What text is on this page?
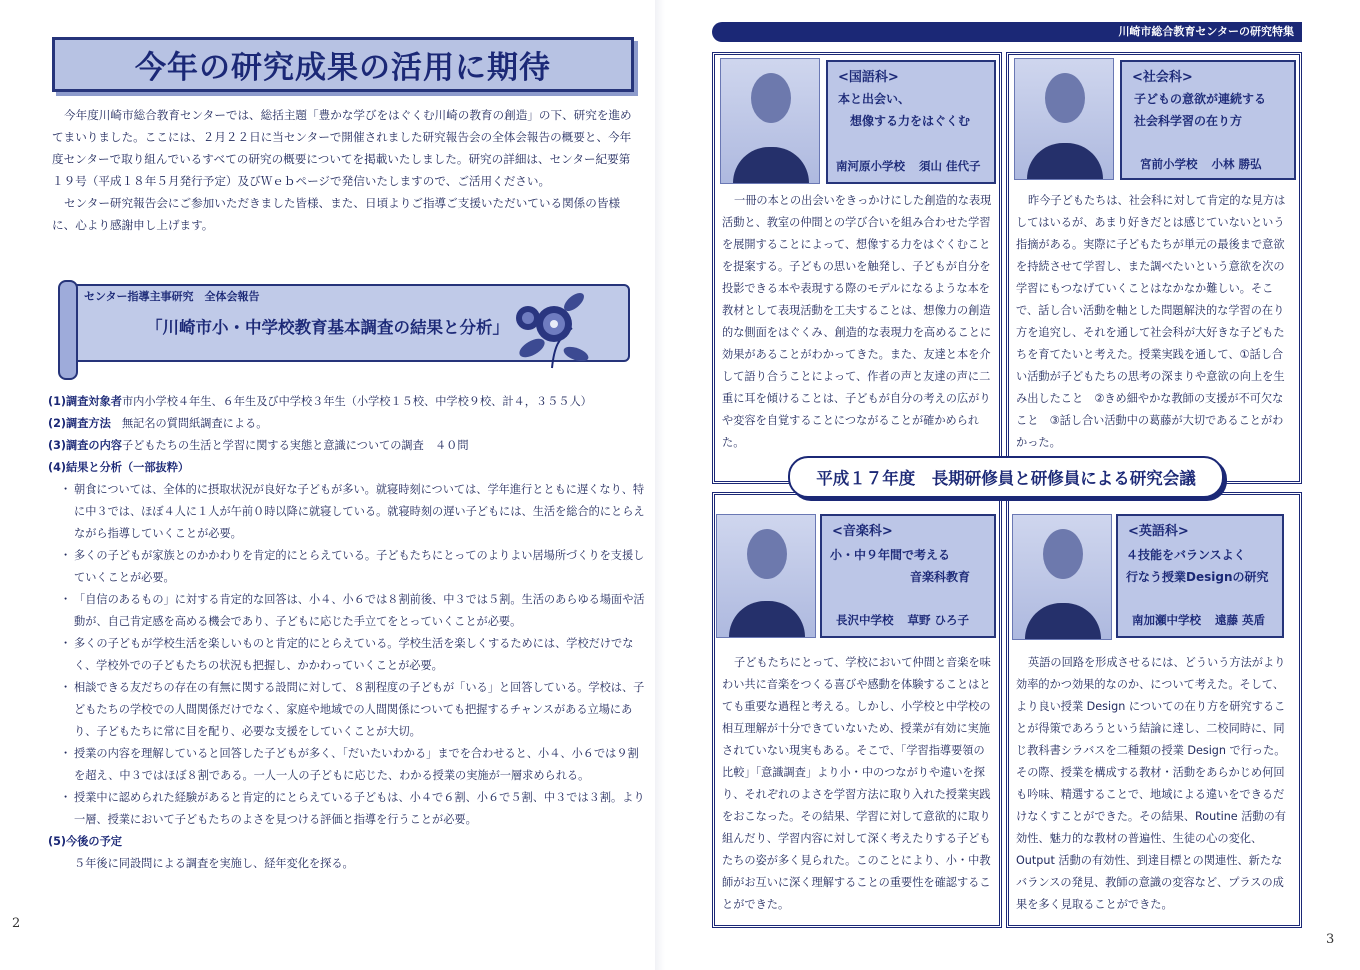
今年の研究成果の活用に期待

今年度川崎市総合教育センターでは、総括主題「豊かな学びをはぐくむ川崎の教育の創造」の下、研究を進めてまいりました。ここには、２月２２日に当センターで開催されました研究報告会の全体会報告の概要と、今年度センターで取り組んでいるすべての研究の概要についてを掲載いたしました。研究の詳細は、センター紀要第１９号（平成１８年５月発行予定）及びＷｅｂページで発信いたしますので、ご活用ください。

センター研究報告会にご参加いただきました皆様、また、日頃よりご指導ご支援いただいている関係の皆様に、心より感謝申し上げます。

センター指導主事研究　全体会報告
「川崎市小・中学校教育基本調査の結果と分析」

(1)調査対象者市内小学校４年生、６年生及び中学校３年生（小学校１５校、中学校９校、計４，３５５人）

(2)調査方法　無記名の質問紙調査による。

(3)調査の内容子どもたちの生活と学習に関する実態と意識についての調査　４０問

(4)結果と分析（一部抜粋）

・ 朝食については、全体的に摂取状況が良好な子どもが多い。就寝時刻については、学年進行とともに遅くなり、特に中３では、ほぼ４人に１人が午前０時以降に就寝している。就寝時刻の遅い子どもには、生活を総合的にとらえながら指導していくことが必要。
・ 多くの子どもが家族とのかかわりを肯定的にとらえている。子どもたちにとってのよりよい居場所づくりを支援していくことが必要。
・ 「自信のあるもの」に対する肯定的な回答は、小４、小６では８割前後、中３では５割。生活のあらゆる場面や活動が、自己肯定感を高める機会であり、子どもに応じた手立てをとっていくことが必要。
・ 多くの子どもが学校生活を楽しいものと肯定的にとらえている。学校生活を楽しくするためには、学校だけでなく、学校外での子どもたちの状況も把握し、かかわっていくことが必要。
・ 相談できる友だちの存在の有無に関する設問に対して、８割程度の子どもが「いる」と回答している。学校は、子どもたちの学校での人間関係だけでなく、家庭や地域での人間関係についても把握するチャンスがある立場にあり、子どもたちに常に目を配り、必要な支援をしていくことが大切。
・ 授業の内容を理解していると回答した子どもが多く、「だいたいわかる」までを合わせると、小４、小６では９割を超え、中３ではほぼ８割である。一人一人の子どもに応じた、わかる授業の実施が一層求められる。
・ 授業中に認められた経験があると肯定的にとらえている子どもは、小４で６割、小６で５割、中３では３割。より一層、授業において子どもたちのよさを見つける評価と指導を行うことが必要。

(5)今後の予定

５年後に同設問による調査を実施し、経年変化を探る。

2
川崎市総合教育センターの研究特集
<国語科>
本と出会い、
想像する力をはぐくむ
南河原小学校 須山 佳代子
一冊の本との出会いをきっかけにした創造的な表現活動と、教室の仲間との学び合いを組み合わせた学習を展開することによって、想像する力をはぐくむことを提案する。子どもの思いを触発し、子どもが自分を投影できる本や表現する際のモデルになるような本を教材として表現活動を工夫することは、想像力の創造的な側面をはぐくみ、創造的な表現力を高めることに効果があることがわかってきた。また、友達と本を介して語り合うことによって、作者の声と友達の声に二重に耳を傾けることは、子どもが自分の考えの広がりや変容を自覚することにつながることが確かめられた。
<社会科>
子どもの意欲が連続する
社会科学習の在り方
宮前小学校 小林 勝弘
昨今子どもたちは、社会科に対して肯定的な見方はしてはいるが、あまり好きだとは感じていないという指摘がある。実際に子どもたちが単元の最後まで意欲を持続させて学習し、また調べたいという意欲を次の学習にもつなげていくことはなかなか難しい。そこで、話し合い活動を軸とした問題解決的な学習の在り方を追究し、それを通して社会科が大好きな子どもたちを育てたいと考えた。授業実践を通して、①話し合い活動が子どもたちの思考の深まりや意欲の向上を生み出したこと　②きめ細やかな教師の支援が不可欠なこと　③話し合い活動中の葛藤が大切であることがわかった。
<音楽科>
小・中９年間で考える
音楽科教育
長沢中学校 草野 ひろ子
子どもたちにとって、学校において仲間と音楽を味わい共に音楽をつくる喜びや感動を体験することはとても重要な過程と考える。しかし、小学校と中学校の相互理解が十分できていないため、授業が有効に実施されていない現実もある。そこで、「学習指導要領の比較」「意識調査」より小・中のつながりや違いを探り、それぞれのよさを学習方法に取り入れた授業実践をおこなった。その結果、学習に対して意欲的に取り組んだり、学習内容に対して深く考えたりする子どもたちの姿が多く見られた。このことにより、小・中教師がお互いに深く理解することの重要性を確認することができた。
<英語科>
４技能をバランスよく
行なう授業Designの研究
南加瀬中学校 遠藤 英盾
英語の回路を形成させるには、どういう方法がより効率的かつ効果的なのか、について考えた。そして、より良い授業 Design についての在り方を研究することが得策であろうという結論に達し、二校同時に、同じ教科書シラバスを二種類の授業 Design で行った。その際、授業を構成する教材・活動をあらかじめ何回も吟味、精選することで、地域による違いをできるだけなくすことができた。その結果、Routine 活動の有効性、魅力的な教材の普遍性、生徒の心の変化、Output 活動の有効性、到達目標との関連性、新たなバランスの発見、教師の意識の変容など、プラスの成果を多く見取ることができた。
平成１７年度　長期研修員と研修員による研究会議
3
